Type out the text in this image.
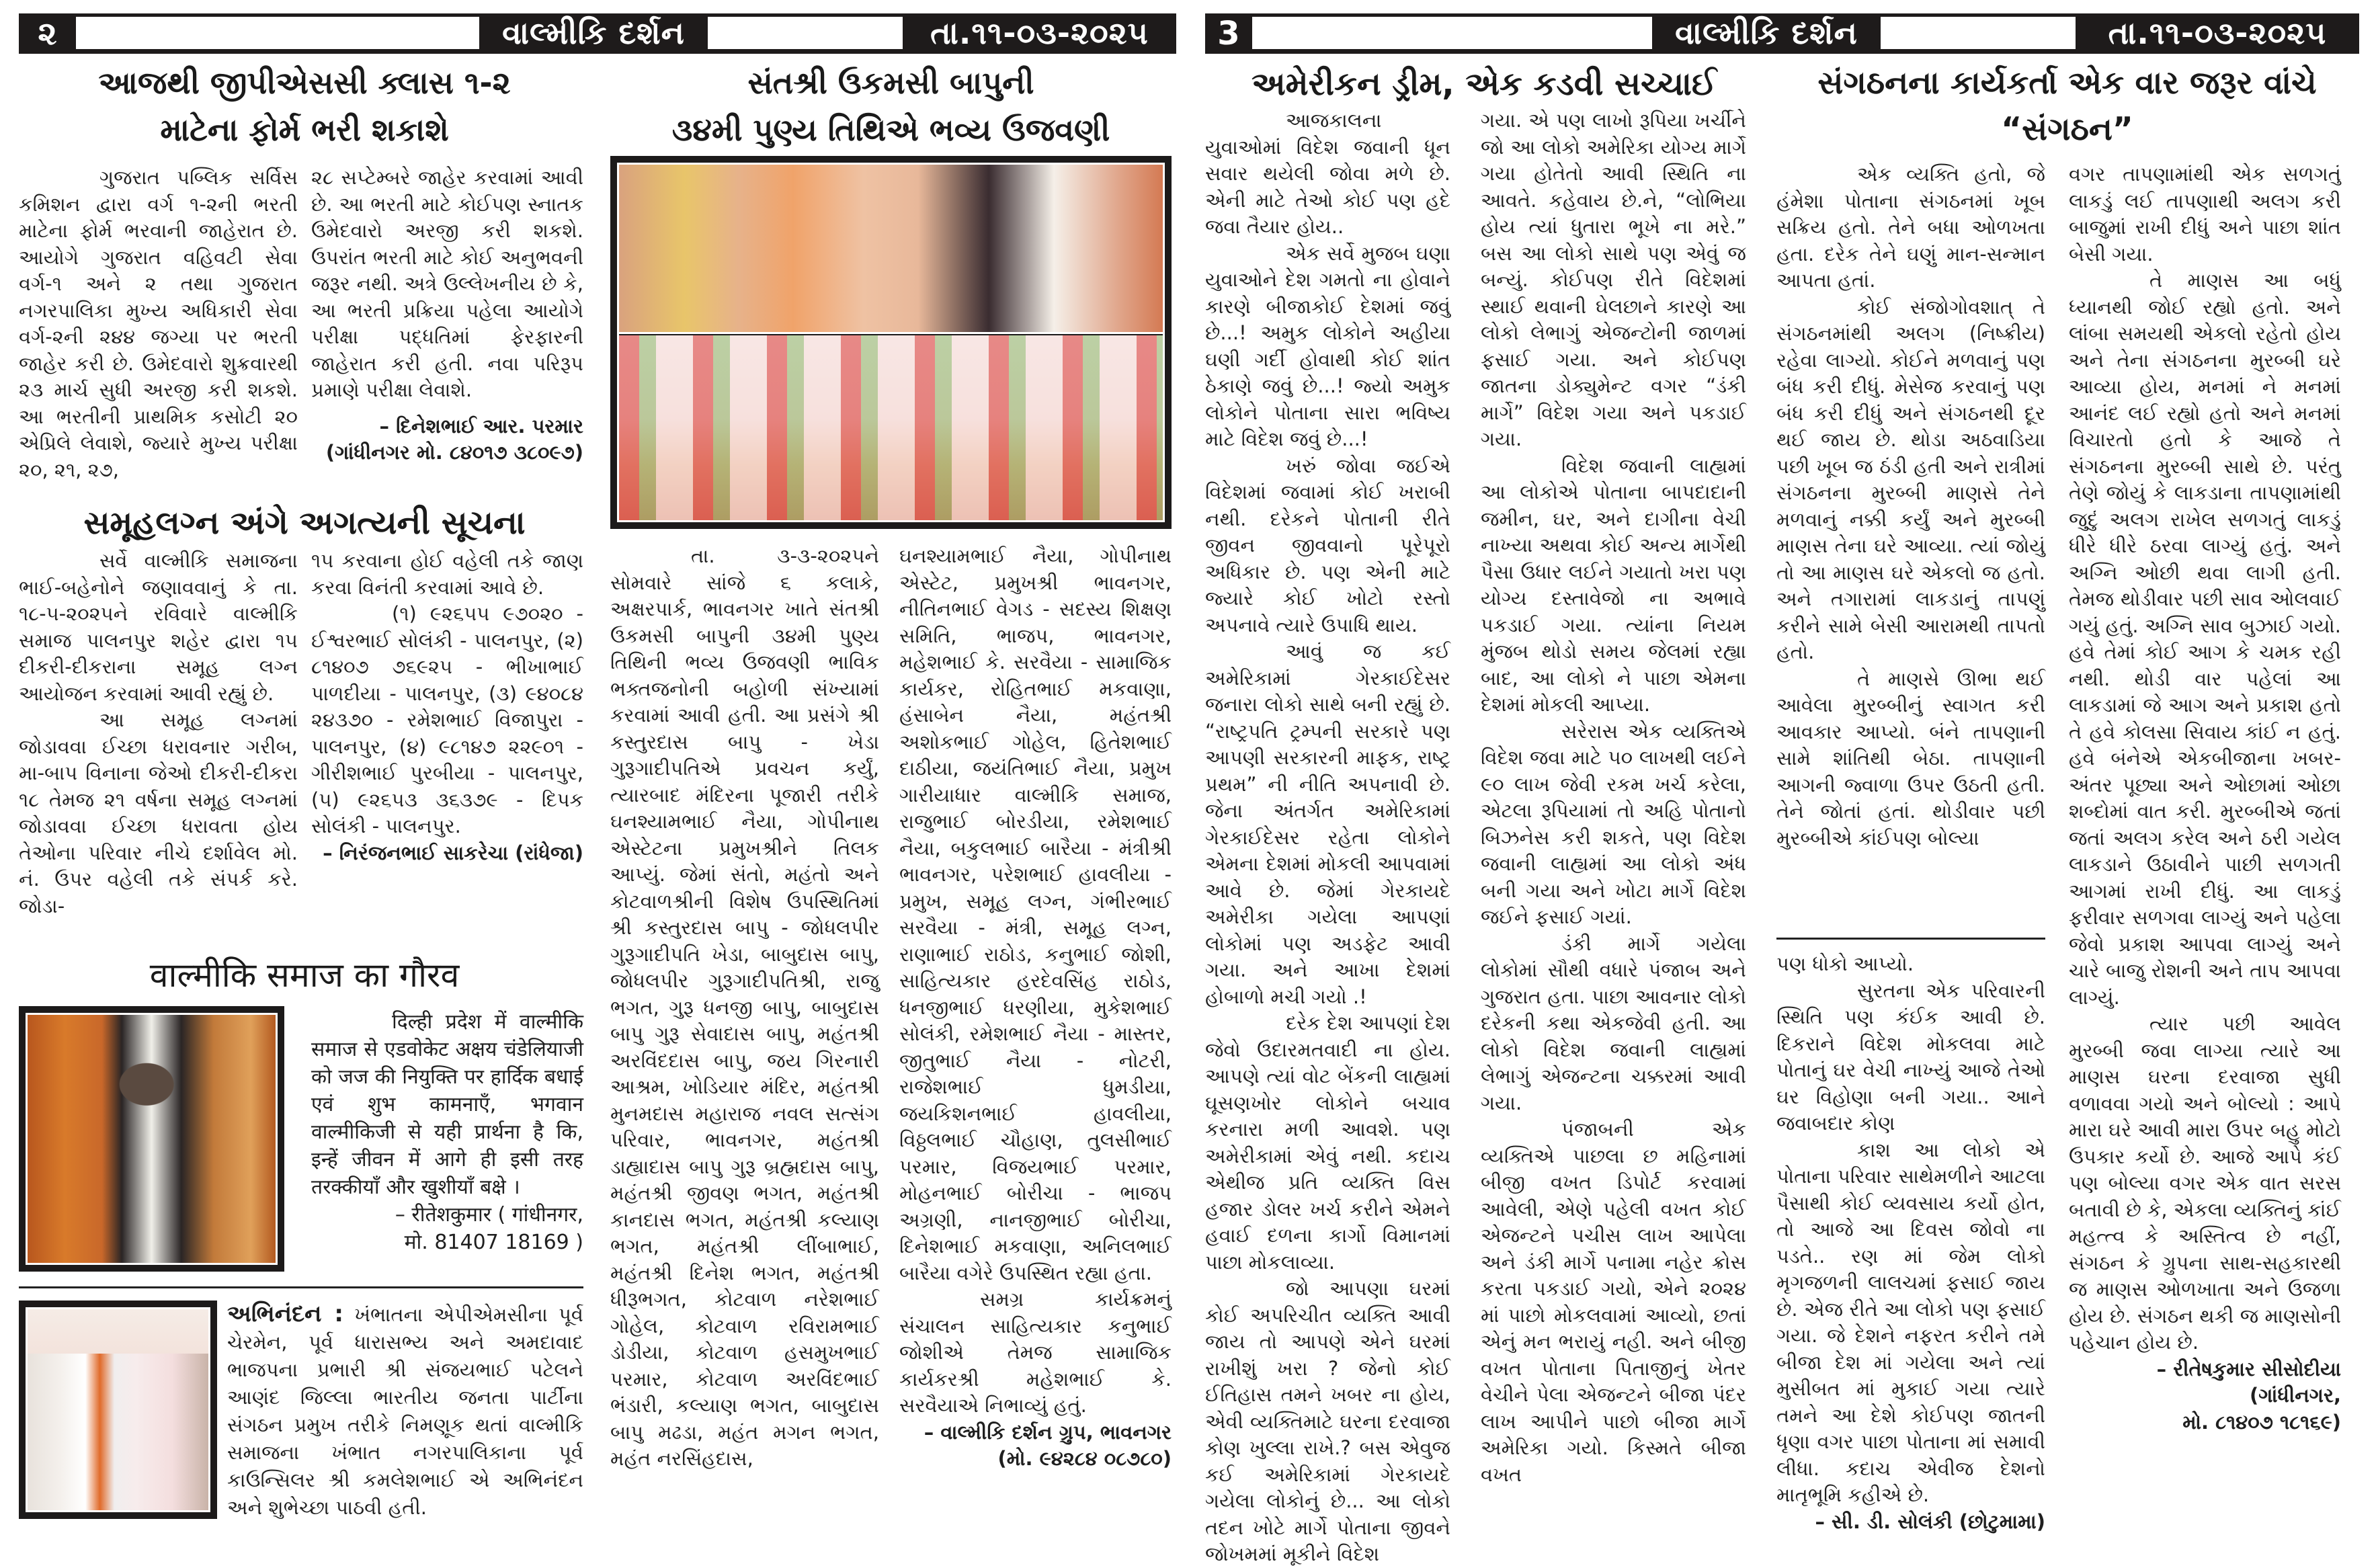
૨	વાલ્મીકિ દર્શન	તા.૧૧-૦૩-૨૦૨૫
આજથી જીપીએસસી ક્લાસ ૧-૨
માટેના ફોર્મ ભરી શકાશે

ગુજરાત પબ્લિક સર્વિસ કમિશન દ્વારા વર્ગ ૧-૨ની ભરતી માટેના ફોર્મ ભરવાની જાહેરાત છે. આયોગે ગુજરાત વહિવટી સેવા વર્ગ-૧ અને ૨ તથા ગુજરાત નગરપાલિકા મુખ્ય અધિકારી સેવા વર્ગ-૨ની ૨૪૪ જગ્યા પર ભરતી જાહેર કરી છે. ઉમેદવારો શુક્રવારથી ૨૩ માર્ચ સુધી અરજી કરી શકશે. આ ભરતીની પ્રાથમિક કસોટી ૨૦ એપ્રિલે લેવાશે, જ્યારે મુખ્ય પરીક્ષા ૨૦, ૨૧, ૨૭,

૨૮ સપ્ટેમ્બરે જાહેર કરવામાં આવી છે. આ ભરતી માટે કોઈપણ સ્નાતક ઉમેદવારો અરજી કરી શકશે. ઉપરાંત ભરતી માટે કોઈ અનુભવની જરૂર નથી. અત્રે ઉલ્લેખનીય છે કે, આ ભરતી પ્રક્રિયા પહેલા આયોગે પરીક્ષા પદ્ધતિમાં ફેરફારની જાહેરાત કરી હતી. નવા પરિરૂપ પ્રમાણે પરીક્ષા લેવાશે.

– દિનેશભાઈ આર. પરમાર

(ગાંધીનગર મો. ૮૪૦૧૭ ૩૮૦૯૭)

સમૂહલગ્ન અંગે અગત્યની સૂચના

સર્વે વાલ્મીકિ સમાજના ભાઈ-બહેનોને જણાવવાનું કે તા. ૧૮-૫-૨૦૨૫ને રવિવારે વાલ્મીકિ સમાજ પાલનપુર શહેર દ્વારા ૧૫ દીકરી-દીકરાના સમૂહ લગ્ન આયોજન કરવામાં આવી રહ્યું છે.

આ સમૂહ લગ્નમાં જોડાવવા ઈચ્છા ધરાવનાર ગરીબ, મા-બાપ વિનાના જેઓ દીકરી-દીકરા ૧૮ તેમજ ૨૧ વર્ષના સમૂહ લગ્નમાં જોડાવવા ઈચ્છા ધરાવતા હોય તેઓના પરિવાર નીચે દર્શાવેલ મો. નં. ઉપર વહેલી તકે સંપર્ક કરે. જોડા-

૧૫ કરવાના હોઈ વહેલી તકે જાણ કરવા વિનંતી કરવામાં આવે છે.

(૧) ૯૨૬૫૫ ૯૭૦૨૦ - ઈશ્વરભાઈ સોલંકી - પાલનપુર, (૨) ૮૧૪૦૭ ૭૬૯૨૫ - ભીખાભાઈ પાળદીયા - પાલનપુર, (૩) ૯૪૦૮૪ ૨૪૩૭૦ - રમેશભાઈ વિજાપુરા - પાલનપુર, (૪) ૯૮૧૪૭ ૨૨૯૦૧ - ગીરીશભાઈ પુરબીયા - પાલનપુર, (૫) ૯૨૬૫૩ ૩૬૩૭૯ - દિપક સોલંકી - પાલનપુર.

– નિરંજનભાઈ સાકરેચા (રાંધેજા)

वाल्मीकि समाज का गौरव

दिल्ही प्रदेश में वाल्मीकि समाज से एडवोकेट अक्षय चंडेलियाजी को जज की नियुक्ति पर हार्दिक बधाई एवं शुभ कामनाएँ, भगवान वाल्मीकिजी से यही प्रार्थना है कि, इन्हें जीवन में आगे ही इसी तरह तरक्कीयाँ और खुशीयाँ बक्षे ।

– रीतेशकुमार ( गांधीनगर,

मो. 81407 18169 )

અભિનંદન : ખંભાતના એપીએમસીના પૂર્વ ચેરમેન, પૂર્વ ધારાસભ્ય અને અમદાવાદ ભાજપના પ્રભારી શ્રી સંજયભાઈ પટેલને આણંદ જિલ્લા ભારતીય જનતા પાર્ટીના સંગઠન પ્રમુખ તરીકે નિમણૂક થતાં વાલ્મીકિ સમાજના ખંભાત નગરપાલિકાના પૂર્વ કાઉન્સિલર શ્રી કમલેશભાઈ એ અભિનંદન અને શુભેચ્છા પાઠવી હતી.

સંતશ્રી ઉકમસી બાપુની
૩૪મી પુણ્ય તિથિએ ભવ્ય ઉજવણી

તા. ૩-૩-૨૦૨૫ને સોમવારે સાંજે ૬ કલાકે, અક્ષરપાર્ક, ભાવનગર ખાતે સંતશ્રી ઉકમસી બાપુની ૩૪મી પુણ્ય તિથિની ભવ્ય ઉજવણી ભાવિક ભક્તજનોની બહોળી સંખ્યામાં કરવામાં આવી હતી. આ પ્રસંગે શ્રી કસ્તુરદાસ બાપુ - ખેડા ગુરૂગાદીપતિએ પ્રવચન કર્યું, ત્યારબાદ મંદિરના પૂજારી તરીકે ઘનશ્યામભાઈ નૈયા, ગોપીનાથ એસ્ટેટના પ્રમુખશ્રીને તિલક આપ્યું. જેમાં સંતો, મહંતો અને કોટવાળશ્રીની વિશેષ ઉપસ્થિતિમાં શ્રી કસ્તુરદાસ બાપુ - જોધલપીર ગુરૂગાદીપતિ ખેડા, બાબુદાસ બાપુ, જોધલપીર ગુરૂગાદીપતિશ્રી, રાજુ ભગત, ગુરૂ ધનજી બાપુ, બાબુદાસ બાપુ ગુરૂ સેવાદાસ બાપુ, મહંતશ્રી અરવિંદદાસ બાપુ, જય ગિરનારી આશ્રમ, ખોડિયાર મંદિર, મહંતશ્રી મુનમદાસ મહારાજ નવલ સત્સંગ પરિવાર, ભાવનગર, મહંતશ્રી ડાહ્યાદાસ બાપુ ગુરૂ બ્રહ્મદાસ બાપુ, મહંતશ્રી જીવણ ભગત, મહંતશ્રી કાનદાસ ભગત, મહંતશ્રી કલ્યાણ ભગત, મહંતશ્રી લીંબાભાઈ, મહંતશ્રી દિનેશ ભગત, મહંતશ્રી ધીરૂભગત, કોટવાળ નરેશભાઈ ગોહેલ, કોટવાળ રવિરામભાઈ ડોડીયા, કોટવાળ હસમુખભાઈ પરમાર, કોટવાળ અરવિંદભાઈ ભંડારી, કલ્યાણ ભગત, બાબુદાસ બાપુ મઢડા, મહંત મગન ભગત, મહંત નરસિંહદાસ,

ઘનશ્યામભાઈ નૈયા, ગોપીનાથ એસ્ટેટ, પ્રમુખશ્રી ભાવનગર, નીતિનભાઈ વેગડ - સદસ્ય શિક્ષણ સમિતિ, ભાજપ, ભાવનગર, મહેશભાઈ કે. સરવૈયા - સામાજિક કાર્યકર, રોહિતભાઈ મકવાણા, હંસાબેન નૈયા, મહંતશ્રી અશોકભાઈ ગોહેલ, હિતેશભાઈ દાઠીયા, જયંતિભાઈ નૈયા, પ્રમુખ ગારીયાધાર વાલ્મીકિ સમાજ, રાજુભાઈ બોરડીયા, રમેશભાઈ નૈયા, બકુલભાઈ બારૈયા - મંત્રીશ્રી ભાવનગર, પરેશભાઈ હાવલીયા - પ્રમુખ, સમૂહ લગ્ન, ગંભીરભાઈ સરવૈયા - મંત્રી, સમૂહ લગ્ન, રાણાભાઈ રાઠોડ, કનુભાઈ જોશી, સાહિત્યકાર હરદેવસિંહ રાઠોડ, ધનજીભાઈ ધરણીયા, મુકેશભાઈ સોલંકી, રમેશભાઈ નૈયા - માસ્તર, જીતુભાઈ નૈયા - નોટરી, રાજેશભાઈ ધુમડીયા, જયકિશનભાઈ હાવલીયા, વિઠ્ઠલભાઈ ચૌહાણ, તુલસીભાઈ પરમાર, વિજયભાઈ પરમાર, મોહનભાઈ બોરીચા - ભાજપ અગ્રણી, નાનજીભાઈ બોરીચા, દિનેશભાઈ મકવાણા, અનિલભાઈ બારૈયા વગેરે ઉપસ્થિત રહ્યા હતા.

સમગ્ર કાર્યક્રમનું સંચાલન સાહિત્યકાર કનુભાઈ જોશીએ તેમજ સામાજિક કાર્યકરશ્રી મહેશભાઈ કે. સરવૈયાએ નિભાવ્યું હતું.

– વાલ્મીકિ દર્શન ગ્રુપ, ભાવનગર

(મો. ૯૪૨૮૪ ૦૮૭૮૦)

3	વાલ્મીકિ દર્શન	તા.૧૧-૦૩-૨૦૨૫
અમેરીકન ડ્રીમ, એક કડવી સચ્ચાઈ

આજકાલના યુવાઓમાં વિદેશ જવાની ધૂન સવાર થયેલી જોવા મળે છે. એની માટે તેઓ કોઈ પણ હદે જવા તૈયાર હોય..

એક સર્વે મુજબ ઘણા યુવાઓને દેશ ગમતો ના હોવાને કારણે બીજાકોઈ દેશમાં જવું છે...! અમુક લોકોને અહીયા ઘણી ગર્દી હોવાથી કોઈ શાંત ઠેકાણે જવું છે...! જ્યો અમુક લોકોને પોતાના સારા ભવિષ્ય માટે વિદેશ જવું છે...!

ખરું જોવા જઈએ વિદેશમાં જવામાં કોઈ ખરાબી નથી. દરેકને પોતાની રીતે જીવન જીવવાનો પૂરેપૂરો અધિકાર છે. પણ એની માટે જ્યારે કોઈ ખોટો રસ્તો અપનાવે ત્યારે ઉપાધિ થાય.

આવું જ કઈ અમેરિકામાં ગેરકાઈદેસર જનારા લોકો સાથે બની રહ્યું છે. “રાષ્ટ્રપતિ ટ્રમ્પની સરકારે પણ આપણી સરકારની માફક, રાષ્ટ્ર પ્રથમ” ની નીતિ અપનાવી છે. જેના અંતર્ગત અમેરિકામાં ગેરકાઈદેસર રહેતા લોકોને એમના દેશમાં મોકલી આપવામાં આવે છે. જેમાં ગેરકાયદે અમેરીકા ગયેલા આપણાં લોકોમાં પણ અડફેટ આવી ગયા. અને આખા દેશમાં હોબાળો મચી ગયો .!

દરેક દેશ આપણાં દેશ જેવો ઉદારમતવાદી ના હોય. આપણે ત્યાં વોટ બેંકની લાહ્યમાં ઘૂસણખોર લોકોને બચાવ કરનારા મળી આવશે. પણ અમેરીકામાં એવું નથી. કદાચ એથીજ પ્રતિ વ્યક્તિ વિસ હજાર ડોલર ખર્ચ કરીને એમને હવાઈ દળના કાર્ગો વિમાનમાં પાછા મોકલાવ્યા.

જો આપણા ઘરમાં કોઈ અપરિચીત વ્યક્તિ આવી જાય તો આપણે એને ઘરમાં રાખીશું ખરા ? જેનો કોઈ ઈતિહાસ તમને ખબર ના હોય, એવી વ્યક્તિમાટે ઘરના દરવાજા કોણ ખુલ્લા રાખે.? બસ એવુજ કઈ અમેરિકામાં ગેરકાયદે ગયેલા લોકોનું છે... આ લોકો તદન ખોટે માર્ગે પોતાના જીવને જોખમમાં મૂકીને વિદેશ

ગયા. એ પણ લાખો રૂપિયા ખર્ચીને જો આ લોકો અમેરિકા યોગ્ય માર્ગે ગયા હોતેતો આવી સ્થિતિ ના આવતે. કહેવાય છે.ને, “લોભિયા હોય ત્યાં ધુતારા ભૂખે ના મરે.” બસ આ લોકો સાથે પણ એવું જ બન્યું. કોઈપણ રીતે વિદેશમાં સ્થાઈ થવાની ઘેલછાને કારણે આ લોકો લેભાગું એજન્ટોની જાળમાં ફસાઈ ગયા. અને કોઈપણ જાતના ડોક્યુમેન્ટ વગર “ડંકી માર્ગે” વિદેશ ગયા અને પકડાઈ ગયા.

વિદેશ જવાની લાહ્યમાં આ લોકોએ પોતાના બાપદાદાની જમીન, ઘર, અને દાગીના વેચી નાખ્યા અથવા કોઈ અન્ય માર્ગેથી પૈસા ઉધાર લઈને ગયાતો ખરા પણ યોગ્ય દસ્તાવેજો ના અભાવે પકડાઈ ગયા. ત્યાંના નિયમ મુંજબ થોડો સમય જેલમાં રહ્યા બાદ, આ લોકો ને પાછા એમના દેશમાં મોકલી આપ્યા.

સરેરાસ એક વ્યક્તિએ વિદેશ જવા માટે ૫૦ લાખથી લઈને ૯૦ લાખ જેવી રકમ ખર્ચ કરેલા, એટલા રૂપિયામાં તો અહિ પોતાનો બિઝનેસ કરી શકતે, પણ વિદેશ જવાની લાહ્યમાં આ લોકો અંધ બની ગયા અને ખોટા માર્ગે વિદેશ જઈને ફસાઈ ગયાં.

ડંકી માર્ગે ગયેલા લોકોમાં સૌથી વધારે પંજાબ અને ગુજરાત હતા. પાછા આવનાર લોકો દરેકની કથા એકજેવી હતી. આ લોકો વિદેશ જવાની લાહ્યમાં લેભાગું એજન્ટના ચક્કરમાં આવી ગયા.

પંજાબની એક વ્યક્તિએ પાછલા છ મહિનામાં બીજી વખત ડિપોર્ટ કરવામાં આવેલી, એણે પહેલી વખત કોઈ એજન્ટને પચીસ લાખ આપેલા અને ડંકી માર્ગે પનામા નહેર ક્રોસ કરતા પકડાઈ ગયો, એને ૨૦૨૪ માં પાછો મોકલવામાં આવ્યો, છતાં એનું મન ભરાયું નહી. અને બીજી વખત પોતાના પિતાજીનું ખેતર વેચીને પેલા એજન્ટને બીજા પંદર લાખ આપીને પાછો બીજા માર્ગે અમેરિકા ગયો. કિસ્મતે બીજા વખત

પણ ધોકો આપ્યો.

સુરતના એક પરિવારની સ્થિતિ પણ કંઈક આવી છે. દિકરાને વિદેશ મોકલવા માટે પોતાનું ઘર વેચી નાખ્યું આજે તેઓ ઘર વિહોણા બની ગયા.. આને જવાબદાર કોણ

કાશ આ લોકો એ પોતાના પરિવાર સાથેમળીને આટલા પૈસાથી કોઈ વ્યવસાય કર્યો હોત, તો આજે આ દિવસ જોવો ના પડતે.. રણ માં જેમ લોકો મૃગજળની લાલચમાં ફસાઈ જાય છે. એજ રીતે આ લોકો પણ ફસાઈ ગયા. જે દેશને નફરત કરીને તમે બીજા દેશ માં ગયેલા અને ત્યાં મુસીબત માં મુકાઈ ગયા ત્યારે તમને આ દેશે કોઈપણ જાતની ધૃણા વગર પાછા પોતાના માં સમાવી લીધા. કદાચ એવીજ દેશનો માતૃભૂમિ કહીએ છે.

– સી. ડી. સોલંકી (છોટુમામા)

સંગઠનના કાર્યકર્તા એક વાર જરૂર વાંચે
“સંગઠન”

એક વ્યક્તિ હતો, જે હંમેશા પોતાના સંગઠનમાં ખૂબ સક્રિય હતો. તેને બધા ઓળખતા હતા. દરેક તેને ઘણું માન-સન્માન આપતા હતાં.

કોઈ સંજોગોવશાત્ તે સંગઠનમાંથી અલગ (નિષ્ક્રીય) રહેવા લાગ્યો. કોઈને મળવાનું પણ બંધ કરી દીધું. મેસેજ કરવાનું પણ બંધ કરી દીધું અને સંગઠનથી દૂર થઈ જાય છે. થોડા અઠવાડિયા પછી ખૂબ જ ઠંડી હતી અને રાત્રીમાં સંગઠનના મુરબ્બી માણસે તેને મળવાનું નક્કી કર્યું અને મુરબ્બી માણસ તેના ઘરે આવ્યા. ત્યાં જોયું તો આ માણસ ઘરે એકલો જ હતો. અને તગારામાં લાકડાનું તાપણું કરીને સામે બેસી આરામથી તાપતો હતો.

તે માણસે ઊભા થઈ આવેલા મુરબ્બીનું સ્વાગત કરી આવકાર આપ્યો. બંને તાપણાની સામે શાંતિથી બેઠા. તાપણાની આગની જ્વાળા ઉપર ઉઠતી હતી. તેને જોતાં હતાં. થોડીવાર પછી મુરબ્બીએ કાંઈપણ બોલ્યા

વગર તાપણામાંથી એક સળગતું લાકડું લઈ તાપણાથી અલગ કરી બાજુમાં રાખી દીધું અને પાછા શાંત બેસી ગયા.

તે માણસ આ બધું ધ્યાનથી જોઈ રહ્યો હતો. અને લાંબા સમયથી એકલો રહેતો હોય અને તેના સંગઠનના મુરબ્બી ઘરે આવ્યા હોય, મનમાં ને મનમાં આનંદ લઈ રહ્યો હતો અને મનમાં વિચારતો હતો કે આજે તે સંગઠનના મુરબ્બી સાથે છે. પરંતુ તેણે જોયું કે લાકડાના તાપણામાંથી જુદું અલગ રાખેલ સળગતું લાકડું ધીરે ધીરે ઠરવા લાગ્યું હતું. અને અગ્નિ ઓછી થવા લાગી હતી. તેમજ થોડીવાર પછી સાવ ઓલવાઈ ગયું હતું. અગ્નિ સાવ બુઝાઈ ગયો. હવે તેમાં કોઈ આગ કે ચમક રહી નથી. થોડી વાર પહેલાં આ લાકડામાં જે આગ અને પ્રકાશ હતો તે હવે કોલસા સિવાય કાંઈ ન હતું. હવે બંનેએ એકબીજાના ખબર-અંતર પૂછ્યા અને ઓછામાં ઓછા શબ્દોમાં વાત કરી. મુરબ્બીએ જતાં જતાં અલગ કરેલ અને ઠરી ગયેલ લાકડાને ઉઠાવીને પાછી સળગતી આગમાં રાખી દીધું. આ લાકડું ફરીવાર સળગવા લાગ્યું અને પહેલા જેવો પ્રકાશ આપવા લાગ્યું અને ચારે બાજુ રોશની અને તાપ આપવા લાગ્યું.

ત્યાર પછી આવેલ મુરબ્બી જવા લાગ્યા ત્યારે આ માણસ ઘરના દરવાજા સુધી વળાવવા ગયો અને બોલ્યો : આપે મારા ઘરે આવી મારા ઉપર બહુ મોટો ઉપકાર કર્યો છે. આજે આપે કંઈ પણ બોલ્યા વગર એક વાત સરસ બતાવી છે કે, એકલા વ્યક્તિનું કાંઈ મહત્ત્વ કે અસ્તિત્વ છે નહીં, સંગઠન કે ગ્રુપના સાથ-સહકારથી જ માણસ ઓળખાતા અને ઉજળા હોય છે. સંગઠન થકી જ માણસોની પહેચાન હોય છે.

– રીતેષકુમાર સીસોદીયા (ગાંધીનગર,

મો. ૮૧૪૦૭ ૧૮૧૬૯)
